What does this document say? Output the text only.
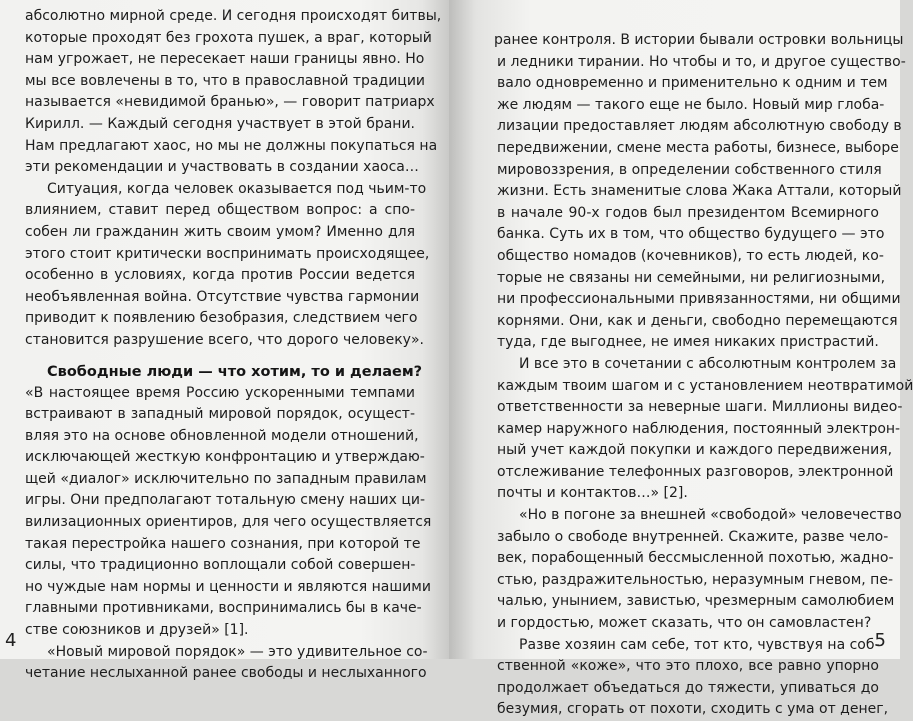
абсолютно мирной среде. И сегодня происходят битвы,
которые проходят без грохота пушек, а враг, который
нам угрожает, не пересекает наши границы явно. Но
мы все вовлечены в то, что в православной традиции
называется «невидимой бранью», — говорит патриарх
Кирилл. — Каждый сегодня участвует в этой брани.
Нам предлагают хаос, но мы не должны покупаться на
эти рекомендации и участвовать в создании хаоса…
Ситуация, когда человек оказывается под чьим-то
влиянием, ставит перед обществом вопрос: а спо-
собен ли гражданин жить своим умом? Именно для
этого стоит критически воспринимать происходящее,
особенно в условиях, когда против России ведется
необъявленная война. Отсутствие чувства гармонии
приводит к появлению безобразия, следствием чего
становится разрушение всего, что дорого человеку».
Свободные люди — что хотим, то и делаем?
«В настоящее время Россию ускоренными темпами
встраивают в западный мировой порядок, осущест-
вляя это на основе обновленной модели отношений,
исключающей жесткую конфронтацию и утверждаю-
щей «диалог» исключительно по западным правилам
игры. Они предполагают тотальную смену наших ци-
вилизационных ориентиров, для чего осуществляется
такая перестройка нашего сознания, при которой те
силы, что традиционно воплощали собой совершен-
но чуждые нам нормы и ценности и являются нашими
главными противниками, воспринимались бы в каче-
стве союзников и друзей» [1].
«Новый мировой порядок» — это удивительное со-
четание неслыханной ранее свободы и неслыханного
4
ранее контроля. В истории бывали островки вольницы
и ледники тирании. Но чтобы и то, и другое существо-
вало одновременно и применительно к одним и тем
же людям — такого еще не было. Новый мир глоба-
лизации предоставляет людям абсолютную свободу в
передвижении, смене места работы, бизнесе, выборе
мировоззрения, в определении собственного стиля
жизни. Есть знаменитые слова Жака Аттали, который
в начале 90-х годов был президентом Всемирного
банка. Суть их в том, что общество будущего — это
общество номадов (кочевников), то есть людей, ко-
торые не связаны ни семейными, ни религиозными,
ни профессиональными привязанностями, ни общими
корнями. Они, как и деньги, свободно перемещаются
туда, где выгоднее, не имея никаких пристрастий.
И все это в сочетании с абсолютным контролем за
каждым твоим шагом и с установлением неотвратимой
ответственности за неверные шаги. Миллионы видео-
камер наружного наблюдения, постоянный электрон-
ный учет каждой покупки и каждого передвижения,
отслеживание телефонных разговоров, электронной
почты и контактов…» [2].
«Но в погоне за внешней «свободой» человечество
забыло о свободе внутренней. Скажите, разве чело-
век, порабощенный бессмысленной похотью, жадно-
стью, раздражительностью, неразумным гневом, пе-
чалью, унынием, завистью, чрезмерным самолюбием
и гордостью, может сказать, что он самовластен?
Разве хозяин сам себе, тот кто, чувствуя на соб-
ственной «коже», что это плохо, все равно упорно
продолжает объедаться до тяжести, упиваться до
безумия, сгорать от похоти, сходить с ума от денег,
5
